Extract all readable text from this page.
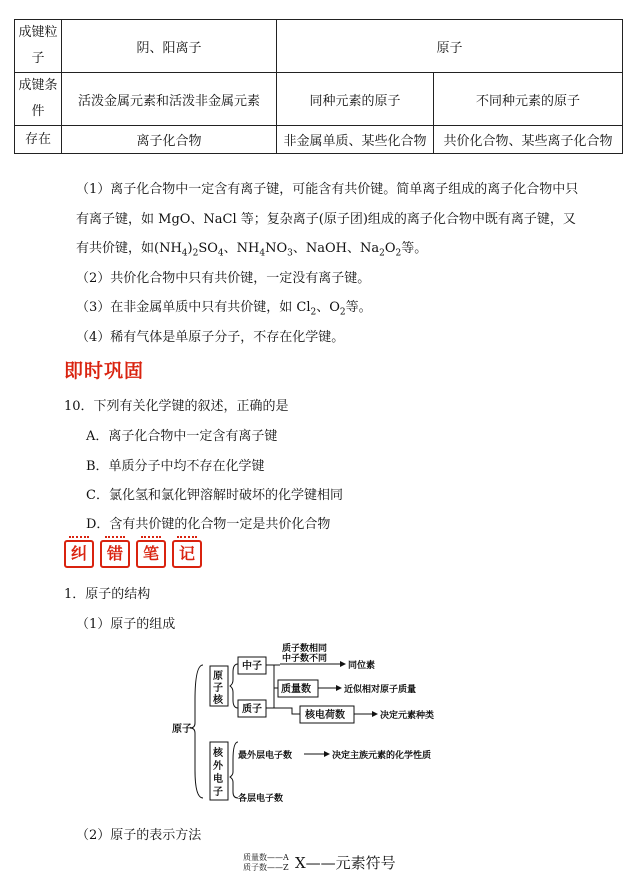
成键粒子	阴、阳离子	原子	
成键条件	活泼金属元素和活泼非金属元素	同种元素的原子	不同种元素的原子
存在	离子化合物	非金属单质、某些化合物	共价化合物、某些离子化合物
（1）离子化合物中一定含有离子键，可能含有共价键。简单离子组成的离子化合物中只
有离子键，如 MgO、NaCl 等；复杂离子(原子团)组成的离子化合物中既有离子键，又
有共价键，如$(NH_4)_2SO_4$、$NH_4NO_3$、NaOH、$Na_2O_2$等。
（2）共价化合物中只有共价键，一定没有离子键。
（3）在非金属单质中只有共价键，如 $Cl_2$、$O_2$等。
（4）稀有气体是单原子分子，不存在化学键。
即时巩固
10．下列有关化学键的叙述，正确的是
A．离子化合物中一定含有离子键
B．单质分子中均不存在化学键
C．氯化氢和氯化钾溶解时破坏的化学键相同
D．含有共价键的化合物一定是共价化合物
纠 错 笔 记
1．原子的结构
（1）原子的组成
原子
原
子
核
核
外
电
子
中子
质子数相同
中子数不同
同位素
质量数	近似相对原子质量
质子
核电荷数	决定元素种类
最外层电子数	决定主族元素的化学性质
各层电子数
（2）原子的表示方法
质量数——A
质子数——Z X——元素符号
